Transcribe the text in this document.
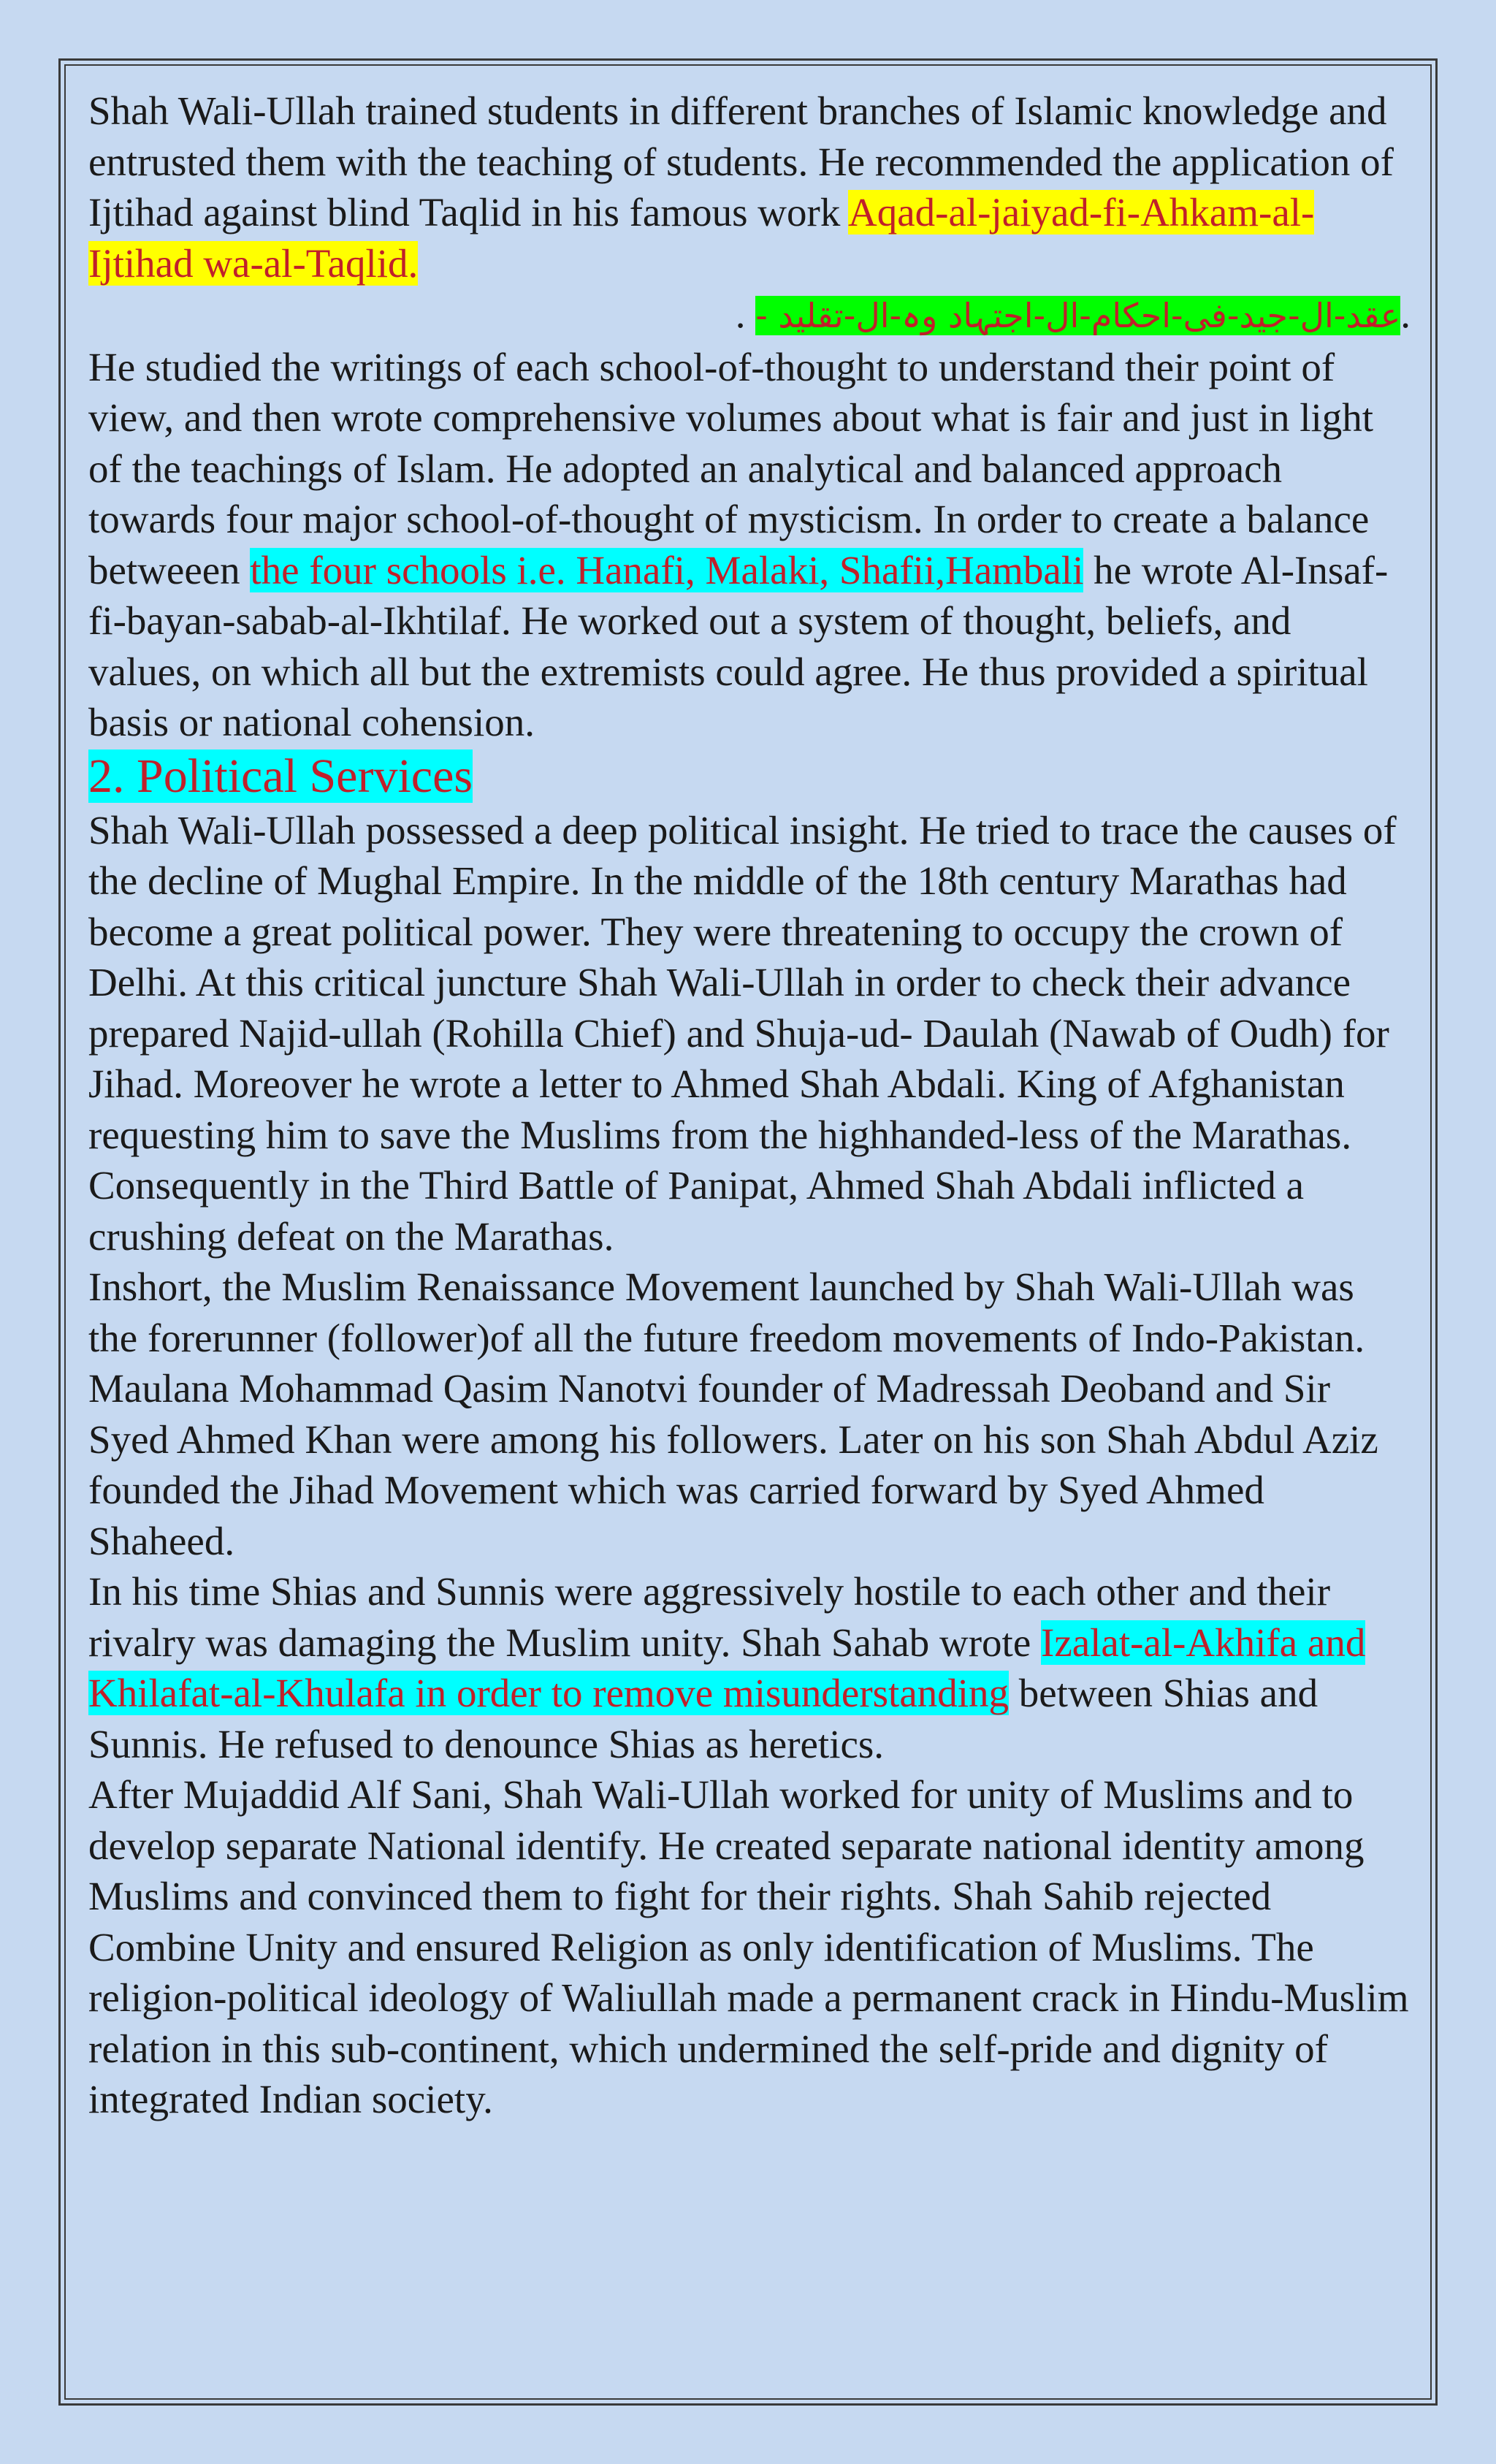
Shah Wali-Ullah trained students in different branches of Islamic knowledge and entrusted them with the teaching of students. He recommended the application of Ijtihad against blind Taqlid in his famous work Aqad-al-jaiyad-fi-Ahkam-al-Ijtihad wa-al-Taqlid.

. عقد-ال-جید-فی-احکام-ال-اجتہاد وہ-ال-تقلید -.

He studied the writings of each school-of-thought to understand their point of view, and then wrote comprehensive volumes about what is fair and just in light of the teachings of Islam. He adopted an analytical and balanced approach towards four major school-of-thought of mysticism. In order to create a balance betweeen the four schools i.e. Hanafi, Malaki, Shafii,Hambali he wrote Al-Insaf-fi-bayan-sabab-al-Ikhtilaf. He worked out a system of thought, beliefs, and values, on which all but the extremists could agree. He thus provided a spiritual basis or national cohension.

2. Political Services

Shah Wali-Ullah possessed a deep political insight. He tried to trace the causes of the decline of Mughal Empire. In the middle of the 18th century Marathas had become a great political power. They were threatening to occupy the crown of Delhi. At this critical juncture Shah Wali-Ullah in order to check their advance prepared Najid-ullah (Rohilla Chief) and Shuja-ud- Daulah (Nawab of Oudh) for Jihad. Moreover he wrote a letter to Ahmed Shah Abdali. King of Afghanistan requesting him to save the Muslims from the highhanded-less of the Marathas. Consequently in the Third Battle of Panipat, Ahmed Shah Abdali inflicted a crushing defeat on the Marathas.

Inshort, the Muslim Renaissance Movement launched by Shah Wali-Ullah was the forerunner (follower)of all the future freedom movements of Indo-Pakistan.

Maulana Mohammad Qasim Nanotvi founder of Madressah Deoband and Sir Syed Ahmed Khan were among his followers. Later on his son Shah Abdul Aziz founded the Jihad Movement which was carried forward by Syed Ahmed Shaheed.

In his time Shias and Sunnis were aggressively hostile to each other and their rivalry was damaging the Muslim unity. Shah Sahab wrote Izalat-al-Akhifa and Khilafat-al-Khulafa in order to remove misunderstanding between Shias and Sunnis. He refused to denounce Shias as heretics.

After Mujaddid Alf Sani, Shah Wali-Ullah worked for unity of Muslims and to develop separate National identify. He created separate national identity among Muslims and convinced them to fight for their rights. Shah Sahib rejected Combine Unity and ensured Religion as only identification of Muslims. The religion-political ideology of Waliullah made a permanent crack in Hindu-Muslim relation in this sub-continent, which undermined the self-pride and dignity of integrated Indian society.
